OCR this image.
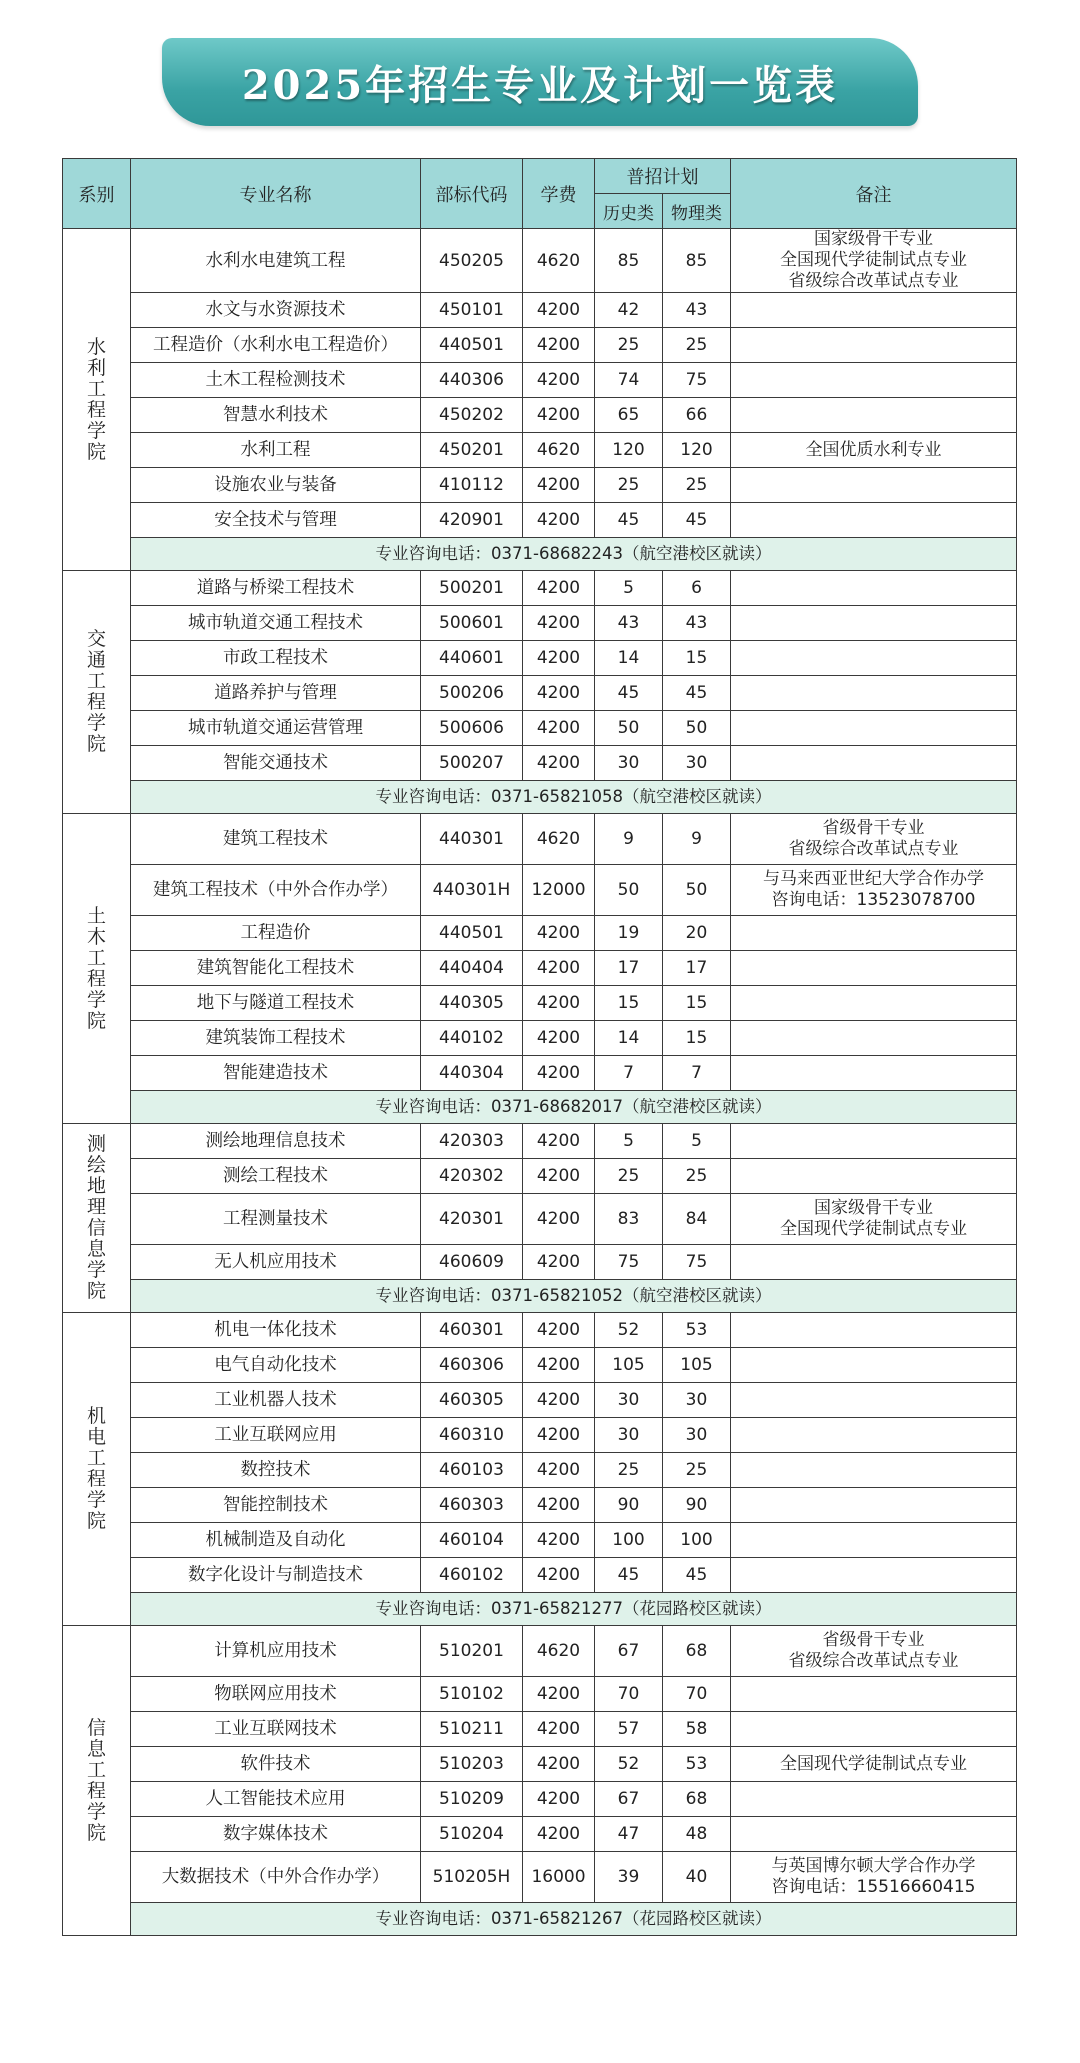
2025年招生专业及计划一览表
系别	专业名称	部标代码	学费	普招计划		备注
				历史类	物理类	

水利工程学院	水利水电建筑工程	450205	4620	85	85	国家级骨干专业
全国现代学徒制试点专业
省级综合改革试点专业

	水文与水资源技术	450101	4200	42	43	
	工程造价（水利水电工程造价）	440501	4200	25	25	
	土木工程检测技术	440306	4200	74	75	
	智慧水利技术	450202	4200	65	66	
	水利工程	450201	4620	120	120	全国优质水利专业

	设施农业与装备	410112	4200	25	25	
	安全技术与管理	420901	4200	45	45	
	专业咨询电话：0371-68682243（航空港校区就读）					

交通工程学院	道路与桥梁工程技术	500201	4200	5	6	
	城市轨道交通工程技术	500601	4200	43	43	
	市政工程技术	440601	4200	14	15	
	道路养护与管理	500206	4200	45	45	
	城市轨道交通运营管理	500606	4200	50	50	
	智能交通技术	500207	4200	30	30	
	专业咨询电话：0371-65821058（航空港校区就读）					

土木工程学院	建筑工程技术	440301	4620	9	9	省级骨干专业
省级综合改革试点专业

	建筑工程技术（中外合作办学）	440301H	12000	50	50	与马来西亚世纪大学合作办学
咨询电话：13523078700

	工程造价	440501	4200	19	20	
	建筑智能化工程技术	440404	4200	17	17	
	地下与隧道工程技术	440305	4200	15	15	
	建筑装饰工程技术	440102	4200	14	15	
	智能建造技术	440304	4200	7	7	
	专业咨询电话：0371-68682017（航空港校区就读）					

测绘地理信息学院	测绘地理信息技术	420303	4200	5	5	
	测绘工程技术	420302	4200	25	25	
	工程测量技术	420301	4200	83	84	国家级骨干专业
全国现代学徒制试点专业

	无人机应用技术	460609	4200	75	75	
	专业咨询电话：0371-65821052（航空港校区就读）					

机电工程学院	机电一体化技术	460301	4200	52	53	
	电气自动化技术	460306	4200	105	105	
	工业机器人技术	460305	4200	30	30	
	工业互联网应用	460310	4200	30	30	
	数控技术	460103	4200	25	25	
	智能控制技术	460303	4200	90	90	
	机械制造及自动化	460104	4200	100	100	
	数字化设计与制造技术	460102	4200	45	45	
	专业咨询电话：0371-65821277（花园路校区就读）					

信息工程学院	计算机应用技术	510201	4620	67	68	省级骨干专业
省级综合改革试点专业

	物联网应用技术	510102	4200	70	70	
	工业互联网技术	510211	4200	57	58	
	软件技术	510203	4200	52	53	全国现代学徒制试点专业

	人工智能技术应用	510209	4200	67	68	
	数字媒体技术	510204	4200	47	48	
	大数据技术（中外合作办学）	510205H	16000	39	40	与英国博尔顿大学合作办学
咨询电话：15516660415

	专业咨询电话：0371-65821267（花园路校区就读）					
